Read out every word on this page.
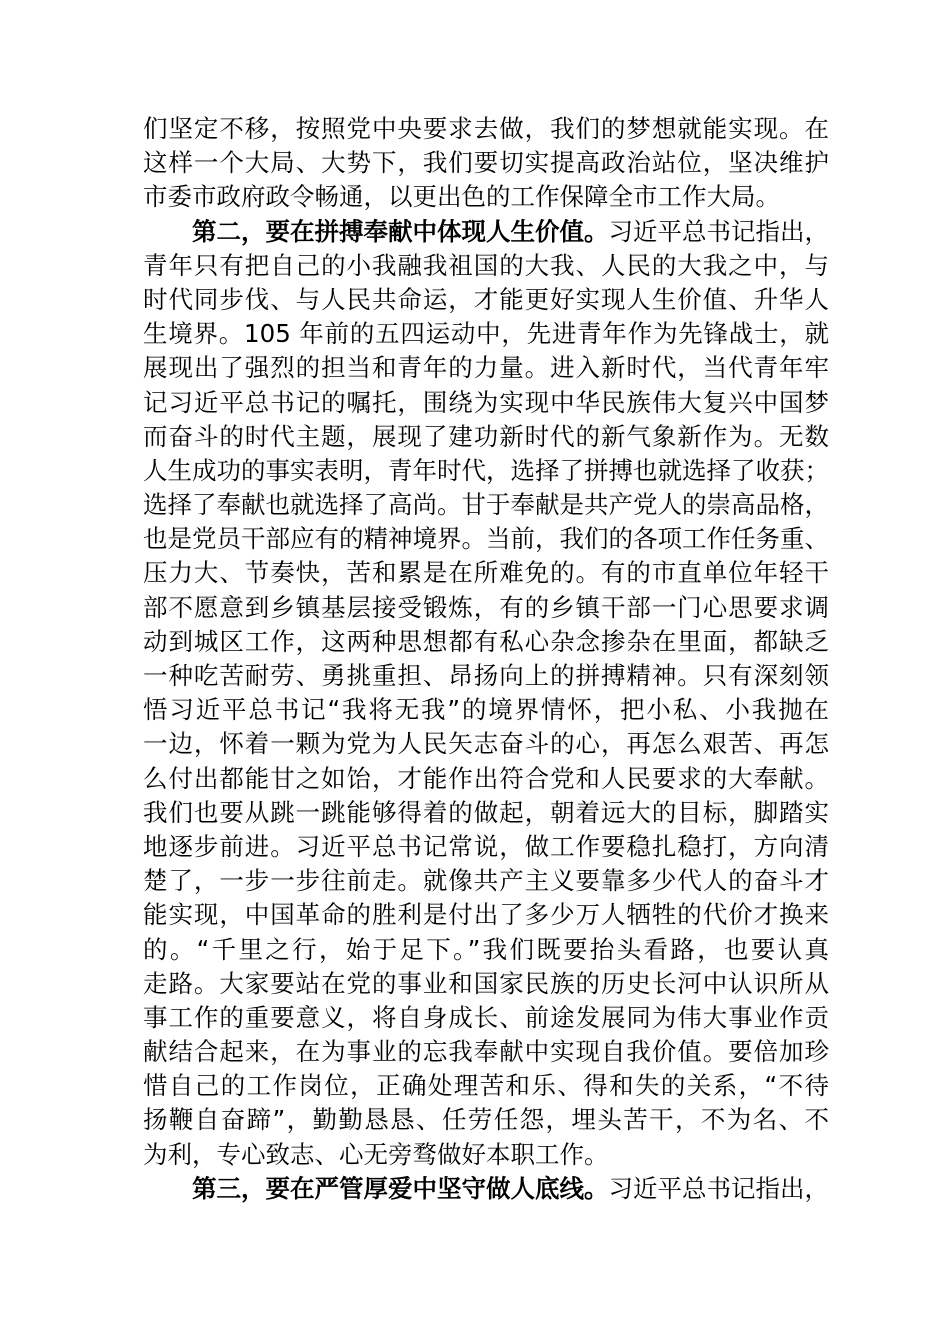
们坚定不移，按照党中央要求去做，我们的梦想就能实现。在
这样一个大局、大势下，我们要切实提高政治站位，坚决维护
市委市政府政令畅通，以更出色的工作保障全市工作大局。
第二，要在拼搏奉献中体现人生价值。习近平总书记指出，
青年只有把自己的小我融我祖国的大我、人民的大我之中，与
时代同步伐、与人民共命运，才能更好实现人生价值、升华人
生境界。105 年前的五四运动中，先进青年作为先锋战士，就
展现出了强烈的担当和青年的力量。进入新时代，当代青年牢
记习近平总书记的嘱托，围绕为实现中华民族伟大复兴中国梦
而奋斗的时代主题，展现了建功新时代的新气象新作为。无数
人生成功的事实表明，青年时代，选择了拼搏也就选择了收获；
选择了奉献也就选择了高尚。甘于奉献是共产党人的崇高品格，
也是党员干部应有的精神境界。当前，我们的各项工作任务重、
压力大、节奏快，苦和累是在所难免的。有的市直单位年轻干
部不愿意到乡镇基层接受锻炼，有的乡镇干部一门心思要求调
动到城区工作，这两种思想都有私心杂念掺杂在里面，都缺乏
一种吃苦耐劳、勇挑重担、昂扬向上的拼搏精神。只有深刻领
悟习近平总书记“我将无我”的境界情怀，把小私、小我抛在
一边，怀着一颗为党为人民矢志奋斗的心，再怎么艰苦、再怎
么付出都能甘之如饴，才能作出符合党和人民要求的大奉献。
我们也要从跳一跳能够得着的做起，朝着远大的目标，脚踏实
地逐步前进。习近平总书记常说，做工作要稳扎稳打，方向清
楚了，一步一步往前走。就像共产主义要靠多少代人的奋斗才
能实现，中国革命的胜利是付出了多少万人牺牲的代价才换来
的。“千里之行，始于足下。”我们既要抬头看路，也要认真
走路。大家要站在党的事业和国家民族的历史长河中认识所从
事工作的重要意义，将自身成长、前途发展同为伟大事业作贡
献结合起来，在为事业的忘我奉献中实现自我价值。要倍加珍
惜自己的工作岗位，正确处理苦和乐、得和失的关系，“不待
扬鞭自奋蹄”，勤勤恳恳、任劳任怨，埋头苦干，不为名、不
为利，专心致志、心无旁骛做好本职工作。
第三，要在严管厚爱中坚守做人底线。习近平总书记指出，
